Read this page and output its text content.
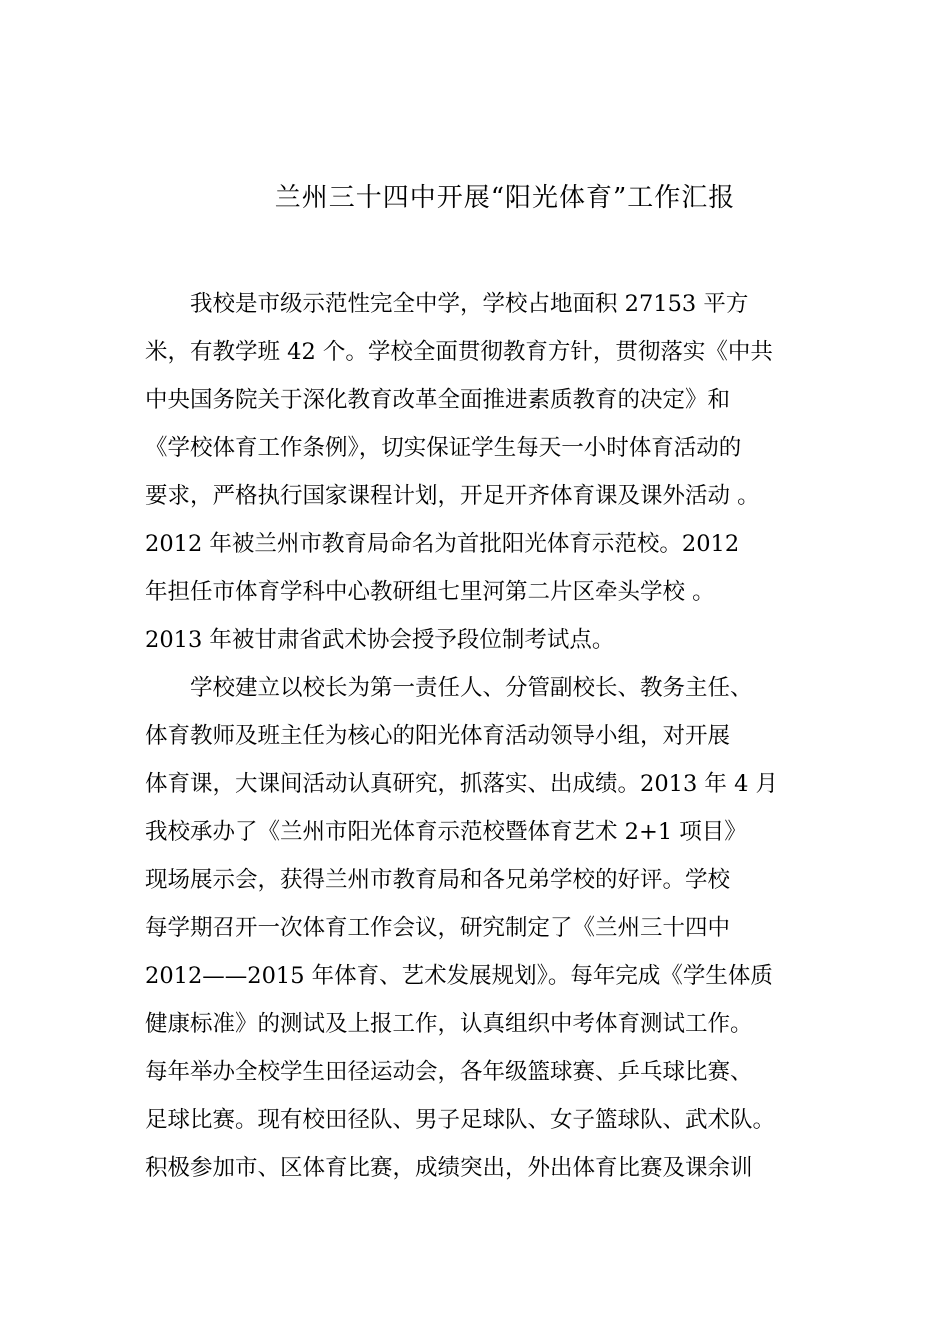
兰州三十四中开展“阳光体育”工作汇报
我校是市级示范性完全中学，学校占地面积 27153 平方
米，有教学班 42 个。学校全面贯彻教育方针，贯彻落实《中共
中央国务院关于深化教育改革全面推进素质教育的决定》和
《学校体育工作条例》，切实保证学生每天一小时体育活动的
要求，严格执行国家课程计划，开足开齐体育课及课外活动 。
2012 年被兰州市教育局命名为首批阳光体育示范校。2012
年担任市体育学科中心教研组七里河第二片区牵头学校 。
2013 年被甘肃省武术协会授予段位制考试点。
学校建立以校长为第一责任人、分管副校长、教务主任、
体育教师及班主任为核心的阳光体育活动领导小组，对开展
体育课，大课间活动认真研究，抓落实、出成绩。2013 年 4 月
我校承办了《兰州市阳光体育示范校暨体育艺术 2+1 项目》
现场展示会，获得兰州市教育局和各兄弟学校的好评。学校
每学期召开一次体育工作会议，研究制定了《兰州三十四中
2012——2015 年体育、艺术发展规划》。每年完成《学生体质
健康标准》的测试及上报工作，认真组织中考体育测试工作。
每年举办全校学生田径运动会，各年级篮球赛、乒乓球比赛、
足球比赛。现有校田径队、男子足球队、女子篮球队、武术队。
积极参加市、区体育比赛，成绩突出，外出体育比赛及课余训
